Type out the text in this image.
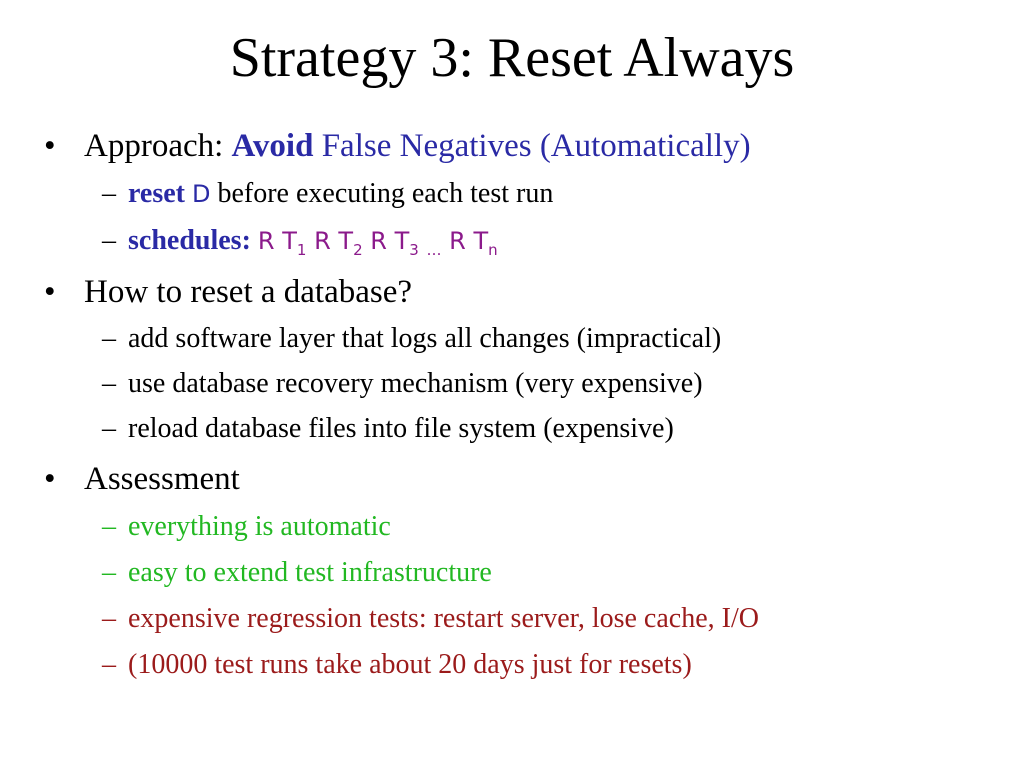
Strategy 3: Reset Always
• Approach: Avoid False Negatives (Automatically)
– reset D before executing each test run
– schedules: R $T_1$ R $T_2$ R $T_3$ $_\dots$ R $T_n$
• How to reset a database?
– add software layer that logs all changes (impractical)
– use database recovery mechanism (very expensive)
– reload database files into file system (expensive)
• Assessment
– everything is automatic
– easy to extend test infrastructure
– expensive regression tests: restart server, lose cache, I/O
– (10000 test runs take about 20 days just for resets)
